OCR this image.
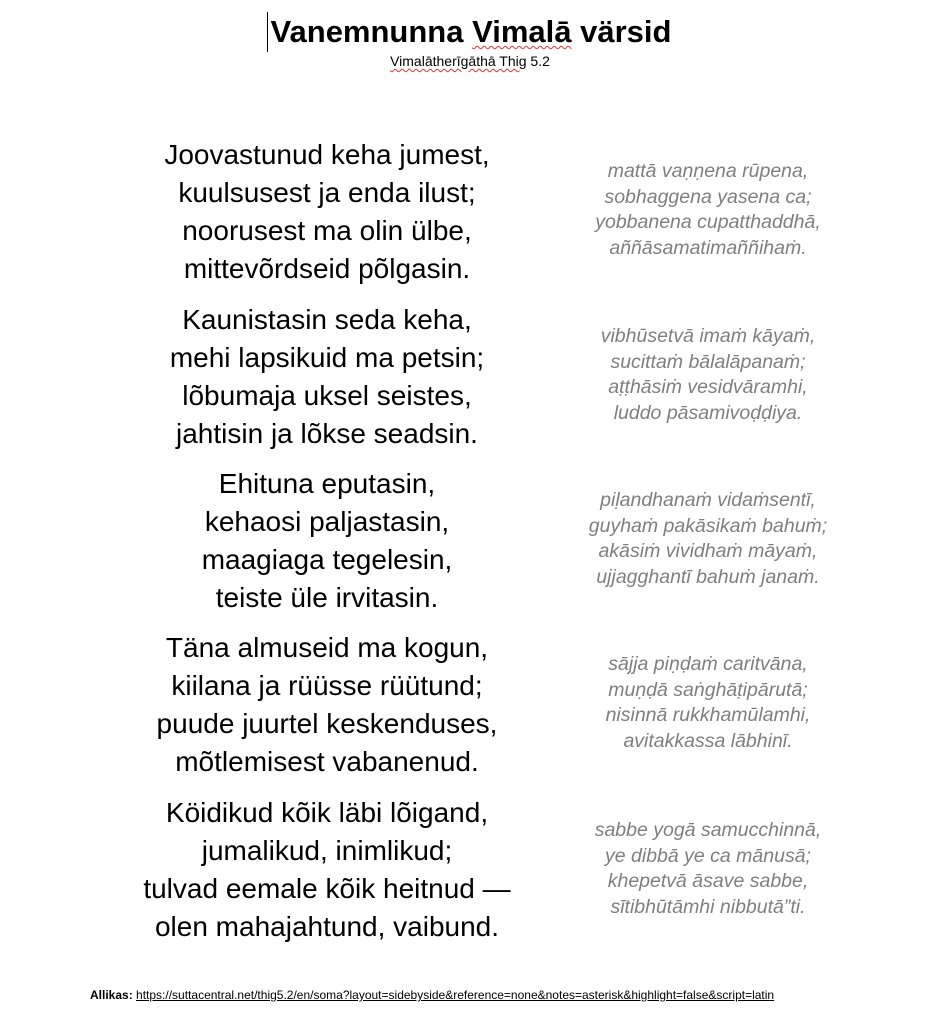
Vanemnunna Vimalā värsid
Vimalātherīgāthā Thig 5.2
Joovastunud keha jumest,
kuulsusest ja enda ilust;
noorusest ma olin ülbe,
mittevõrdseid põlgasin.
mattā vaṇṇena rūpena,
sobhaggena yasena ca;
yobbanena cupatthaddhā,
aññāsamatimaññihaṁ.
Kaunistasin seda keha,
mehi lapsikuid ma petsin;
lõbumaja uksel seistes,
jahtisin ja lõkse seadsin.
vibhūsetvā imaṁ kāyaṁ,
sucittaṁ bālalāpanaṁ;
aṭṭhāsiṁ vesidvāramhi,
luddo pāsamivoḍḍiya.
Ehituna eputasin,
kehaosi paljastasin,
maagiaga tegelesin,
teiste üle irvitasin.
piḷandhanaṁ vidaṁsentī,
guyhaṁ pakāsikaṁ bahuṁ;
akāsiṁ vividhaṁ māyaṁ,
ujjagghantī bahuṁ janaṁ.
Täna almuseid ma kogun,
kiilana ja rüüsse rüütund;
puude juurtel keskenduses,
mõtlemisest vabanenud.
sājja piṇḍaṁ caritvāna,
muṇḍā saṅghāṭipārutā;
nisinnā rukkhamūlamhi,
avitakkassa lābhinī.
Köidikud kõik läbi lõigand,
jumalikud, inimlikud;
tulvad eemale kõik heitnud —
olen mahajahtund, vaibund.
sabbe yogā samucchinnā,
ye dibbā ye ca mānusā;
khepetvā āsave sabbe,
sītibhūtāmhi nibbutā”ti.
Allikas: https://suttacentral.net/thig5.2/en/soma?layout=sidebyside&reference=none&notes=asterisk&highlight=false&script=latin
